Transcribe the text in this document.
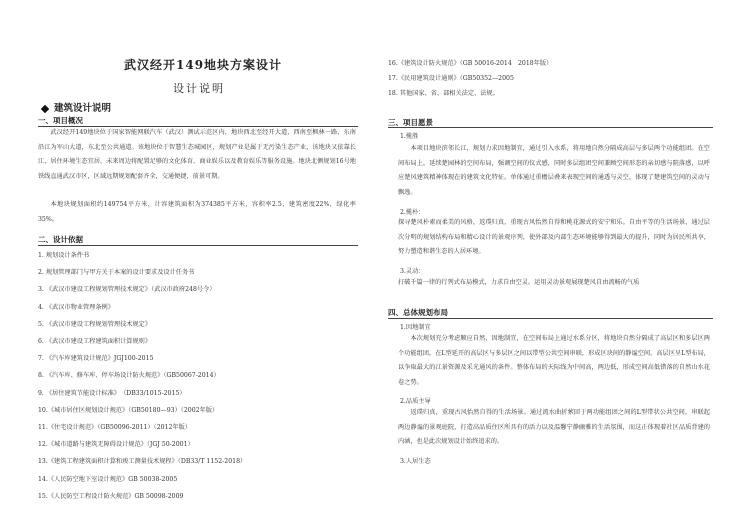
武汉经开149地块方案设计
设计说明
建筑设计说明
一、项目概况
武汉经开149地块位于国家智能网联汽车（武汉）测试示范区内，地块西北至经开大道，西南至枫林一路，东南沿江为军山大道，东北至公共通道。该地块位于智慧生态城园区，规划产业是属于无污染生态产业，该地块又依靠长江，居住环境生态宜居，未来周边将配置足够的文化体育、商业娱乐以及教育娱乐等服务设施。地块北侧规划16号地铁线直通武汉市区，区域远期规划配套齐全，交通便捷，前景可期。
本地块规划面积约149754平方米，计容建筑面积为374385平方米，容积率2.5，建筑密度22%，绿化率35%。
二、设计依据
1. 规划设计条件书
2. 规划管理部门与甲方关于本案的设计要求及设计任务书
3. 《武汉市建设工程规划管理技术规定》（武汉市政府248号令）
4. 《武汉市物业管理条例》
5. 《武汉市建设工程规划管理技术规定》
6. 《武汉市建设工程建筑面积计算规则》
7. 《汽车库建筑设计规范》JGJ100-2015
8. 《汽车库、修车库、停车场设计防火规范》（GB50067-2014）
9. 《居住建筑节能设计标准》　（DB33/1015-2015）
10.《城市居住区规划设计规范》（GB50180—93）（2002年版）
11.《住宅设计规范》（GB50096-2011）（2012年版）
12.《城市道路与建筑无障碍设计规范》（JGJ 50-2001）
13.《建筑工程建筑面积计算和竣工测量技术规程》（DB33/T 1152-2018）
14.《人民防空地下室设计规范》GB 50038-2005
15.《人民防空工程设计防火规范》GB 50098-2009
16.《建筑设计防火规范》（GB 50016-2014　2018年版）
17.《民用建筑设计通则》（GB50352—2005
18. 其他国家、省、部相关法定、法规。
三、项目愿景
1.揽胜
本项目地块滨邻长江，规划力求因地制宜，通过引入水系，将用地自然分隔成高层与多层两个功能组团。在空间布局上，延续楚园林的空间布局，强调空间的仪式感，同时多层组团空间兼顾空间形态的亲切感与院落感，以呼应楚风建筑精神体现在的建筑文化特征。单体通过重檐层叠来表现空间的通透与灵空，体现了楚建筑空间的灵动与飘逸。
2.揽朴：
探寻楚风朴素而柔美的风格，返璞归真，重现古风怡然自得和桃花源式的安宁和乐。自由平等的生活场景，通过层次分明的规划结构布局和精心设计的景观序列，使外部及内部生态环境能够得到最大的提升，同时为居民所共享，努力塑造和谐生态的人居环境。
3.灵动：
打破千篇一律的行列式布局模式，力求自由空灵。运用灵动景观展现楚风自由流畅的气质
四、总体规划布局
1.因地制宜
本次规划充分考虑顺应自然，因地制宜，在空间布局上通过水系分区，将地块自然分隔成了高层区和多层区两个功能组团。在L型延开的高层区与多层区之间以带型公共空间串联，形成区块间的静谧空间。高层区呈L型布局，以争取最大的江景资源及采光通风的条件。整体布局的天际线为中间高，两边低，形成空间高低错落的自然山水花卷之势。
2.品质主导
返璞归真，重现古风怡然自得的生活场景。通过流水曲折萦回于两功能组团之间的L型带状公共空间，串联起两边静谧的景观庭院，打造高品质住区所具有的活力以及温馨宁静幽雅的生活氛围，而这正体现着社区品质背建的内涵，也是此次规划设计始终追求的。
3.人居生态
